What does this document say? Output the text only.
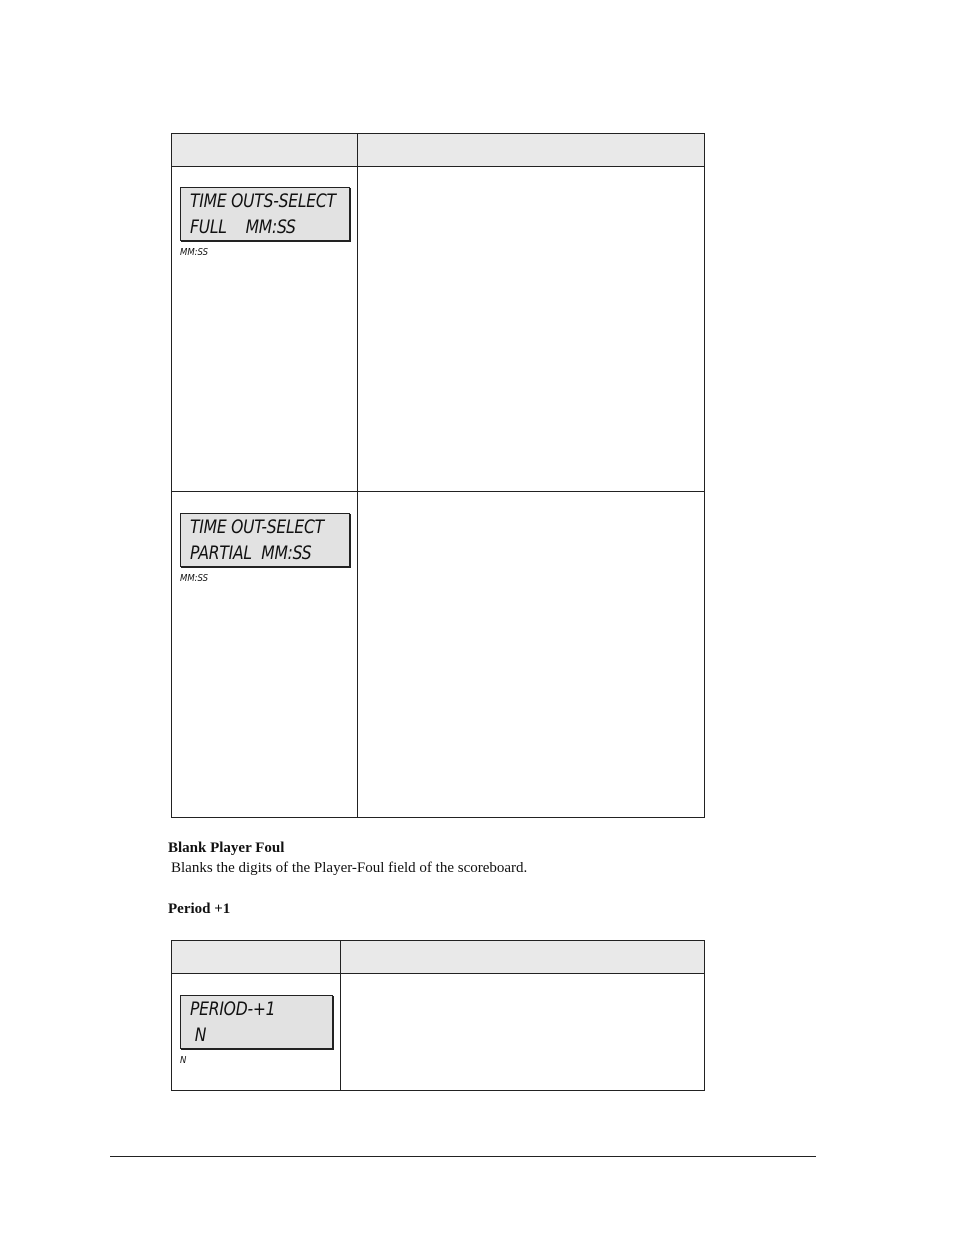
TIME OUTS-SELECT
FULL    MM:SS
MM:SS
TIME OUT-SELECT
PARTIAL  MM:SS
MM:SS
Blank Player Foul
Blanks the digits of the Player-Foul field of the scoreboard.
Period +1
PERIOD-+1
N
N
